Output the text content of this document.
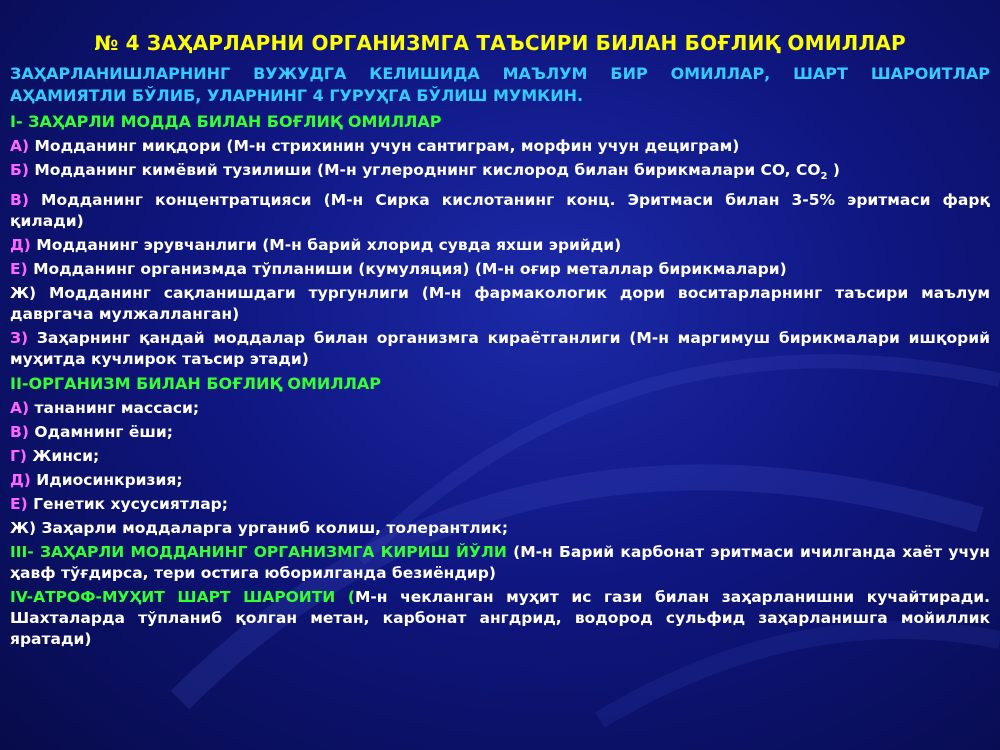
№ 4 ЗАҲАРЛАРНИ ОРГАНИЗМГА ТАЪСИРИ БИЛАН БОҒЛИҚ ОМИЛЛАР
ЗАҲАРЛАНИШЛАРНИНГ ВУЖУДГА КЕЛИШИДА МАЪЛУМ БИР ОМИЛЛАР, ШАРТ ШАРОИТЛАР АҲАМИЯТЛИ БЎЛИБ, УЛАРНИНГ 4 ГУРУҲГА БЎЛИШ МУМКИН.
I- ЗАҲАРЛИ МОДДА БИЛАН БОҒЛИҚ ОМИЛЛАР
А) Модданинг миқдори (М-н стрихинин учун сантиграм, морфин учун дециграм)
Б) Модданинг кимёвий тузилиши (М-н углероднинг кислород билан бирикмалари CO, $CO_2$ )
В) Модданинг концентратцияси (М-н Сирка кислотанинг конц. Эритмаси билан 3-5% эритмаси фарқ қилади)
Д) Модданинг эрувчанлиги (М-н барий хлорид сувда яхши эрийди)
Е) Модданинг организмда тўпланиши (кумуляция) (М-н оғир металлар бирикмалари)
Ж) Модданинг сақланишдаги тургунлиги (М-н фармакологик дори воситарларнинг таъсири маълум давргача мулжалланган)
З) Заҳарнинг қандай моддалар билан организмга кираётганлиги (М-н маргимуш бирикмалари ишқорий муҳитда кучлирок таъсир этади)
II-ОРГАНИЗМ БИЛАН БОҒЛИҚ ОМИЛЛАР
А) тананинг массаси;
В) Одамнинг ёши;
Г) Жинси;
Д) Идиосинкризия;
Е) Генетик хусусиятлар;
Ж) Заҳарли моддаларга урганиб колиш, толерантлик;
III- ЗАҲАРЛИ МОДДАНИНГ ОРГАНИЗМГА КИРИШ ЙЎЛИ (М-н Барий карбонат эритмаси ичилганда хаёт учун ҳавф тўғдирса, тери остига юборилганда безиёндир)
IV-АТРОФ-МУҲИТ ШАРТ ШАРОИТИ (М-н чекланган муҳит ис гази билан заҳарланишни кучайтиради. Шахталарда тўпланиб қолган метан, карбонат ангдрид, водород сульфид заҳарланишга мойиллик яратади)
